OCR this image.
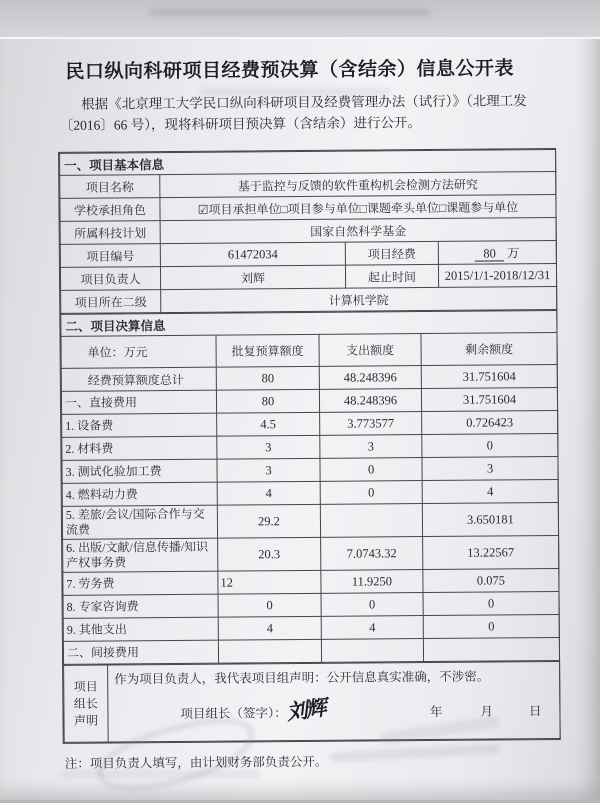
民口纵向科研项目经费预决算（含结余）信息公开表
根据《北京理工大学民口纵向科研项目及经费管理办法（试行）》（北理工发
〔2016〕66 号），现将科研项目预决算（含结余）进行公开。
一、项目基本信息			
项目名称	基于监控与反馈的软件重构机会检测方法研究		
学校承担角色	☑项目承担单位□项目参与单位□课题牵头单位□课题参与单位		
所属科技计划	国家自然科学基金		
项目编号	61472034	项目经费	80 万
项目负责人	刘辉	起止时间	2015/1/1-2018/12/31
项目所在二级	计算机学院		
二、项目决算信息			
单位：万元	批复预算额度	支出额度	剩余额度
经费预算额度总计	80	48.248396	31.751604
一、直接费用	80	48.248396	31.751604
1. 设备费	4.5	3.773577	0.726423
2. 材料费	3	3	0
3. 测试化验加工费	3	0	3
4. 燃料动力费	4	0	4
5. 差旅/会议/国际合作与交流费	29.2		3.650181
6. 出版/文献/信息传播/知识产权事务费	20.3	7.0743.32	13.22567
7. 劳务费	12	11.9250	0.075
8. 专家咨询费	0	0	0
9. 其他支出	4	4	0
二、间接费用			
项目
组长
声明

作为项目负责人，我代表项目组声明：公开信息真实准确，不涉密。
项目组长（签字）： 刘辉	年	月	日
注：项目负责人填写，由计划财务部负责公开。
